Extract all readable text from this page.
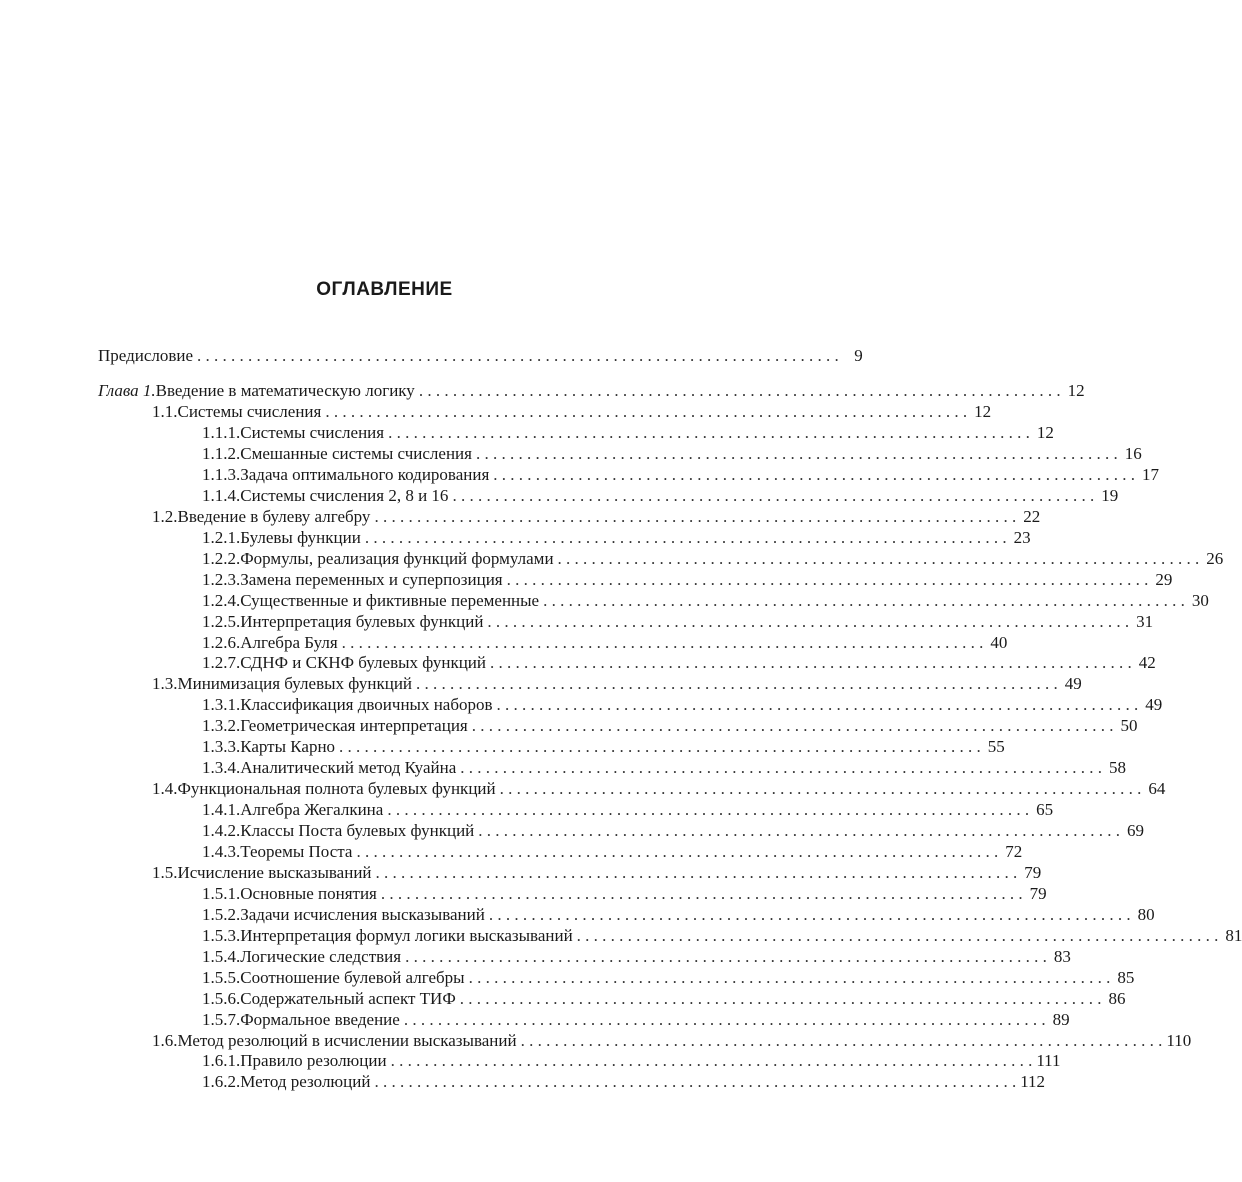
ОГЛАВЛЕНИЕ
Предисловие . . .	9
Глава 1. Введение в математическую логику . . .	12
1.1. Системы счисления . . .	12
1.1.1. Системы счисления . . .	12
1.1.2. Смешанные системы счисления . . .	16
1.1.3. Задача оптимального кодирования . . .	17
1.1.4. Системы счисления 2, 8 и 16 . . .	19
1.2. Введение в булеву алгебру . . .	22
1.2.1. Булевы функции . . .	23
1.2.2. Формулы, реализация функций формулами . . .	26
1.2.3. Замена переменных и суперпозиция . . .	29
1.2.4. Существенные и фиктивные переменные . . .	30
1.2.5. Интерпретация булевых функций . . .	31
1.2.6. Алгебра Буля . . .	40
1.2.7. СДНФ и СКНФ булевых функций . . .	42
1.3. Минимизация булевых функций . . .	49
1.3.1. Классификация двоичных наборов . . .	49
1.3.2. Геометрическая интерпретация . . .	50
1.3.3. Карты Карно . . .	55
1.3.4. Аналитический метод Куайна . . .	58
1.4. Функциональная полнота булевых функций . . .	64
1.4.1. Алгебра Жегалкина . . .	65
1.4.2. Классы Поста булевых функций . . .	69
1.4.3. Теоремы Поста . . .	72
1.5. Исчисление высказываний . . .	79
1.5.1. Основные понятия . . .	79
1.5.2. Задачи исчисления высказываний . . .	80
1.5.3. Интерпретация формул логики высказываний . . .	81
1.5.4. Логические следствия . . .	83
1.5.5. Соотношение булевой алгебры . . .	85
1.5.6. Содержательный аспект ТИФ . . .	86
1.5.7. Формальное введение . . .	89
1.6. Метод резолюций в исчислении высказываний . . .	110
1.6.1. Правило резолюции . . .	111
1.6.2. Метод резолюций . . .	112
